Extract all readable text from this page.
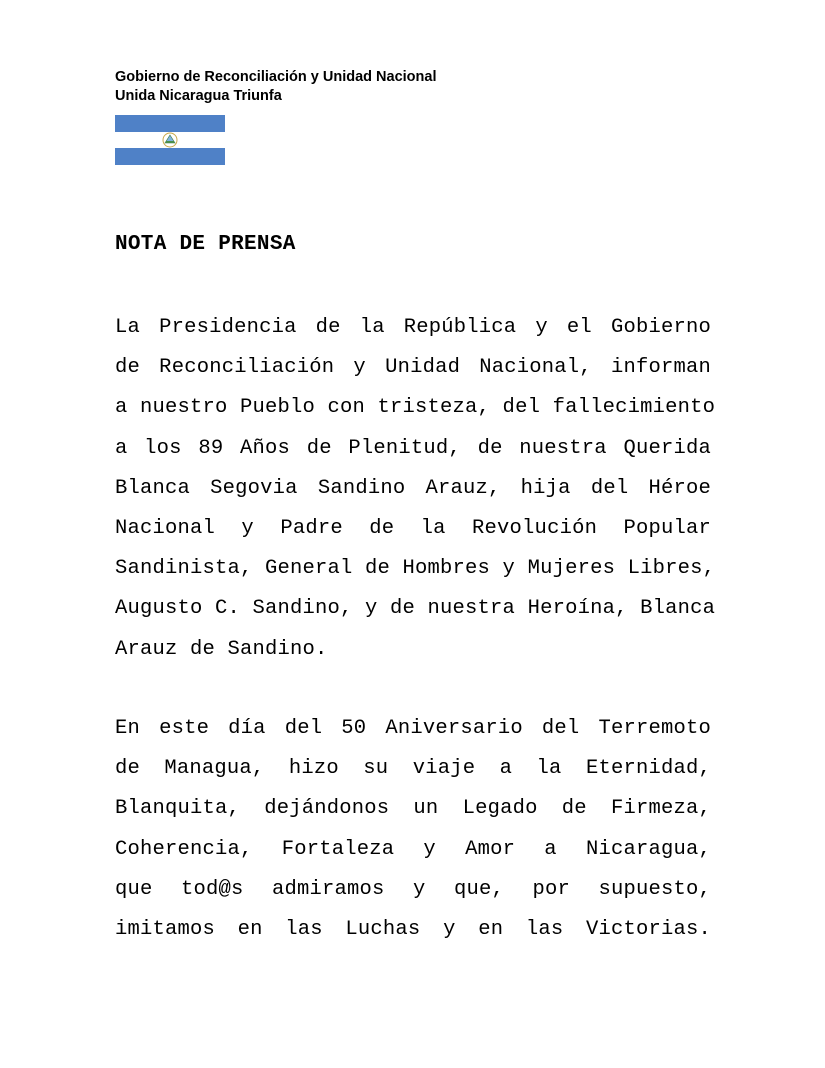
Gobierno de Reconciliación y Unidad Nacional
Unida Nicaragua Triunfa
NOTA DE PRENSA
La Presidencia de la República y el Gobierno
de Reconciliación y Unidad Nacional, informan
a nuestro Pueblo con tristeza, del fallecimiento
a los 89 Años de Plenitud, de nuestra Querida
Blanca Segovia Sandino Arauz, hija del Héroe
Nacional y Padre de la Revolución Popular
Sandinista, General de Hombres y Mujeres Libres,
Augusto C. Sandino, y de nuestra Heroína, Blanca
Arauz de Sandino.
En este día del 50 Aniversario del Terremoto
de Managua, hizo su viaje a la Eternidad,
Blanquita, dejándonos un Legado de Firmeza,
Coherencia, Fortaleza y Amor a Nicaragua,
que tod@s admiramos y que, por supuesto,
imitamos en las Luchas y en las Victorias.
